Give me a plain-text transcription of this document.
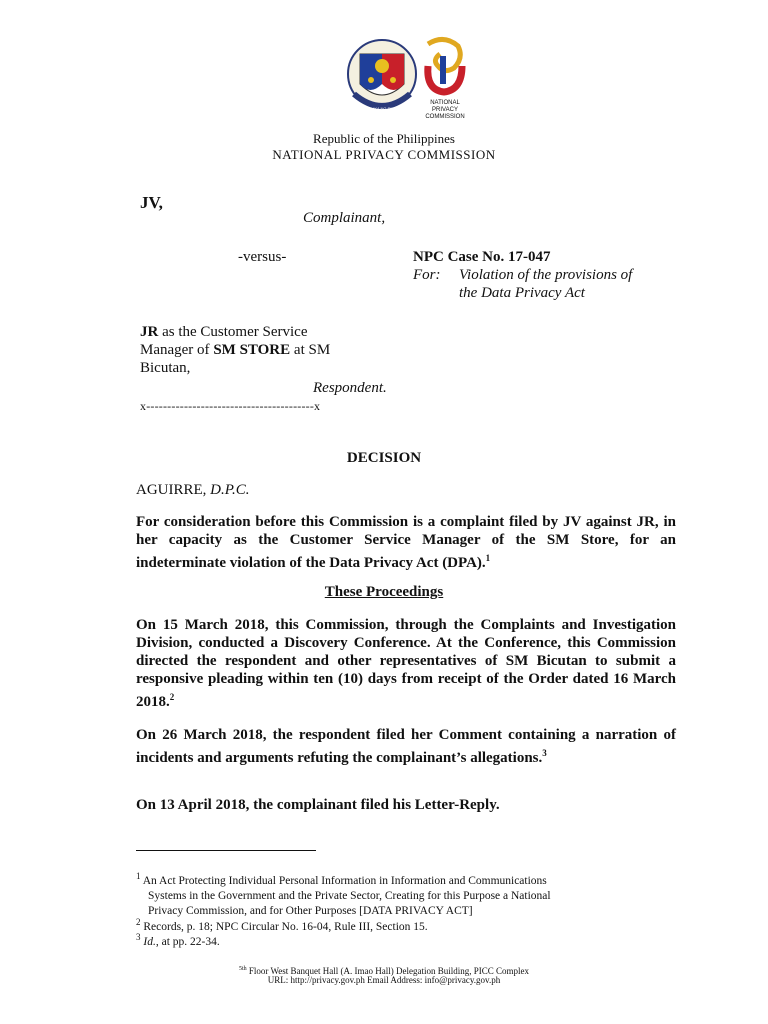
REPUBLIKA NG PILIPINAS
NATIONAL
PRIVACY
COMMISSION
Republic of the Philippines
NATIONAL PRIVACY COMMISSION
JV,
Complainant,
-versus-	NPC Case No. 17-047
For: Violation of the provisions of
the Data Privacy Act
JR as the Customer Service
Manager of SM STORE at SM
Bicutan,
Respondent.
x----------------------------------------x
DECISION
AGUIRRE, D.P.C.
For consideration before this Commission is a complaint filed by JV against JR, in her capacity as the Customer Service Manager of the SM Store, for an indeterminate violation of the Data Privacy Act (DPA).$^1$
These Proceedings
On 15 March 2018, this Commission, through the Complaints and Investigation Division, conducted a Discovery Conference. At the Conference, this Commission directed the respondent and other representatives of SM Bicutan to submit a responsive pleading within ten (10) days from receipt of the Order dated 16 March 2018.$^2$
On 26 March 2018, the respondent filed her Comment containing a narration of incidents and arguments refuting the complainant’s allegations.$^3$
On 13 April 2018, the complainant filed his Letter-Reply.
$^1$ An Act Protecting Individual Personal Information in Information and Communications
Systems in the Government and the Private Sector, Creating for this Purpose a National
Privacy Commission, and for Other Purposes [DATA PRIVACY ACT]
$^2$ Records, p. 18; NPC Circular No. 16-04, Rule III, Section 15.
$^3$ Id., at pp. 22-34.
$^{5th}$ Floor West Banquet Hall (A. Imao Hall) Delegation Building, PICC Complex
URL: http://privacy.gov.ph Email Address: info@privacy.gov.ph
